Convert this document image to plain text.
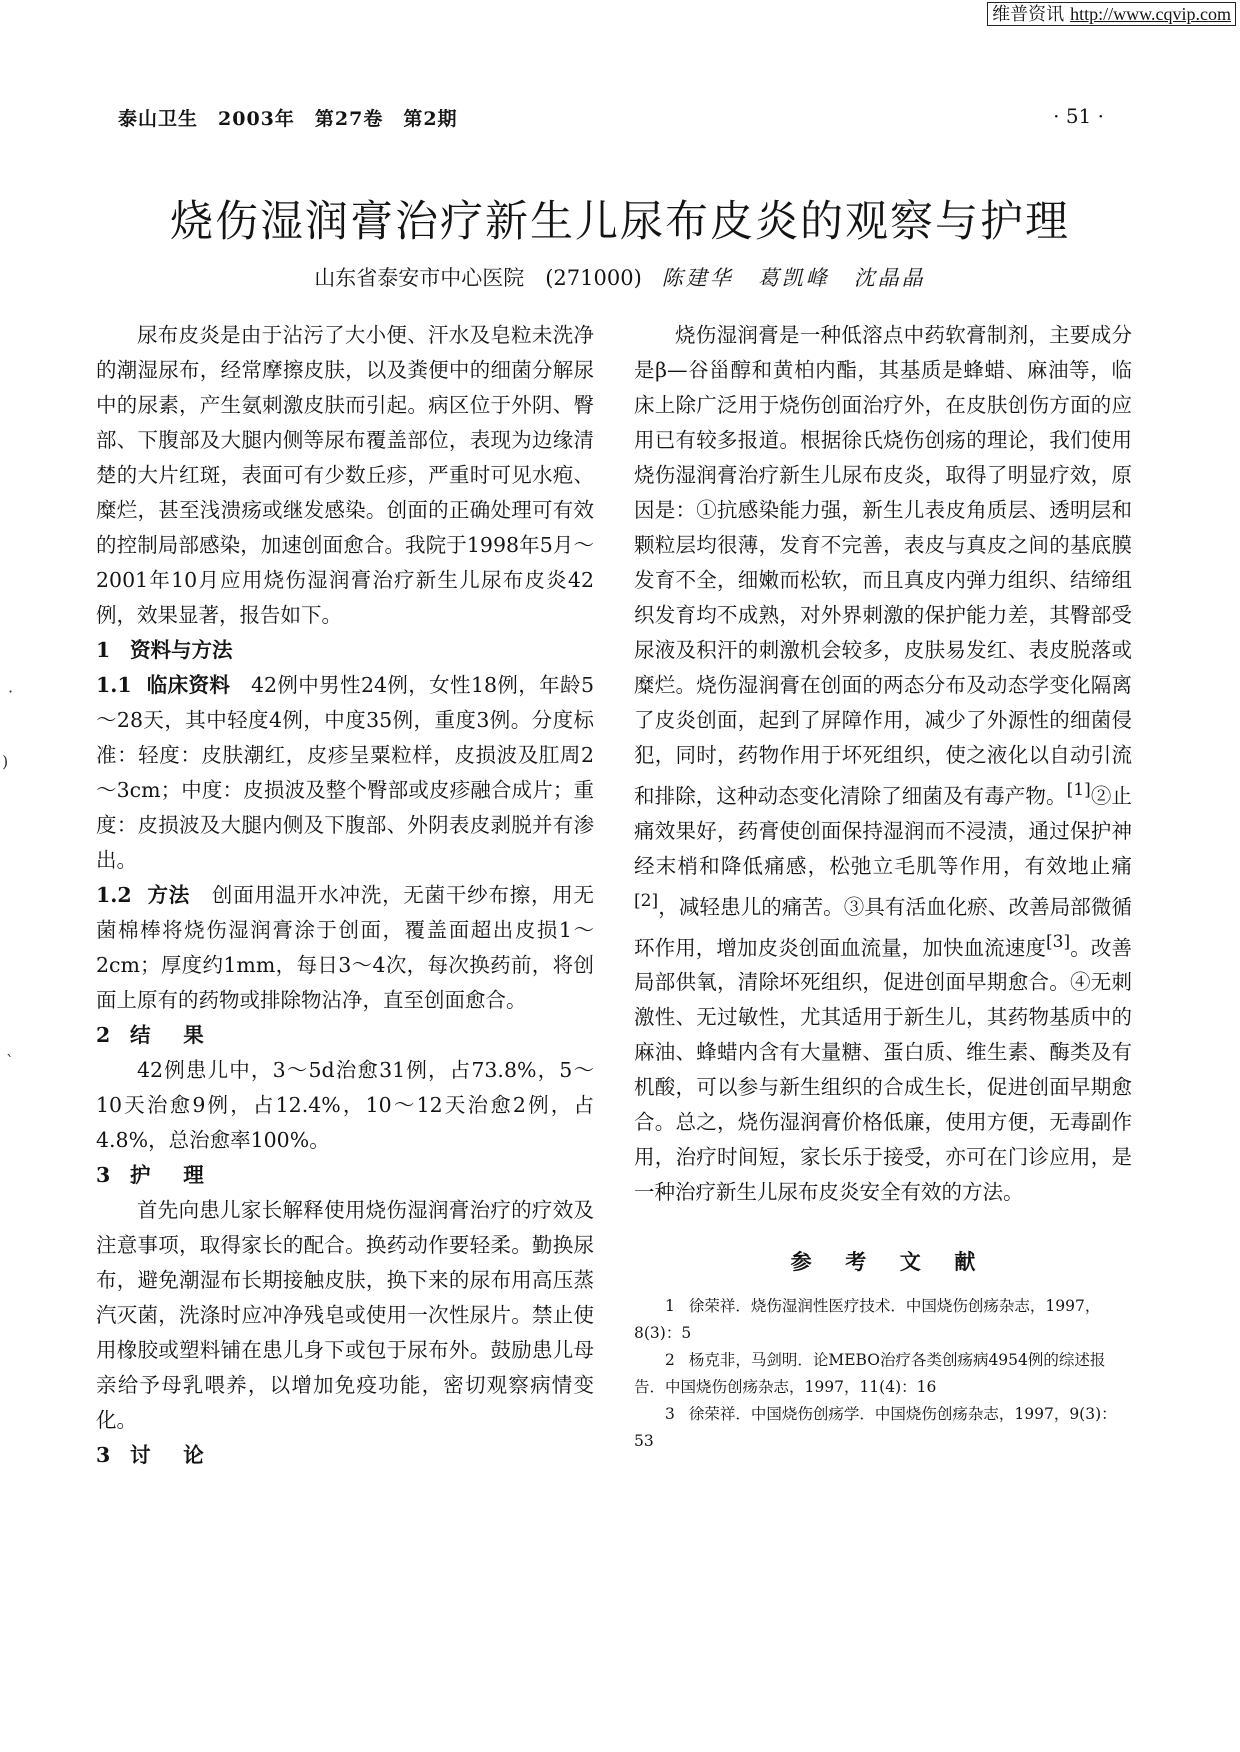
维普资讯 http://www.cqvip.com
泰山卫生　2003年　第27卷　第2期	· 51 ·
烧伤湿润膏治疗新生儿尿布皮炎的观察与护理
山东省泰安市中心医院　(271000) 陈建华　葛凯峰　沈晶晶
·
)
`

尿布皮炎是由于沾污了大小便、汗水及皂粒未洗净的潮湿尿布，经常摩擦皮肤，以及粪便中的细菌分解尿中的尿素，产生氨刺激皮肤而引起。病区位于外阴、臀部、下腹部及大腿内侧等尿布覆盖部位，表现为边缘清楚的大片红斑，表面可有少数丘疹，严重时可见水疱、糜烂，甚至浅溃疡或继发感染。创面的正确处理可有效的控制局部感染，加速创面愈合。我院于1998年5月～2001年10月应用烧伤湿润膏治疗新生儿尿布皮炎42例，效果显著，报告如下。

1 资料与方法

1.1 临床资料 42例中男性24例，女性18例，年龄5～28天，其中轻度4例，中度35例，重度3例。分度标准：轻度：皮肤潮红，皮疹呈粟粒样，皮损波及肛周2～3cm；中度：皮损波及整个臀部或皮疹融合成片；重度：皮损波及大腿内侧及下腹部、外阴表皮剥脱并有渗出。

1.2 方法 创面用温开水冲洗，无菌干纱布擦，用无菌棉棒将烧伤湿润膏涂于创面，覆盖面超出皮损1～2cm；厚度约1mm，每日3～4次，每次换药前，将创面上原有的药物或排除物沾净，直至创面愈合。

2 结果

42例患儿中，3～5d治愈31例，占73.8%，5～10天治愈9例，占12.4%，10～12天治愈2例，占4.8%，总治愈率100%。

3 护理

首先向患儿家长解释使用烧伤湿润膏治疗的疗效及注意事项，取得家长的配合。换药动作要轻柔。勤换尿布，避免潮湿布长期接触皮肤，换下来的尿布用高压蒸汽灭菌，洗涤时应冲净残皂或使用一次性尿片。禁止使用橡胶或塑料铺在患儿身下或包于尿布外。鼓励患儿母亲给予母乳喂养，以增加免疫功能，密切观察病情变化。

3 讨论

烧伤湿润膏是一种低溶点中药软膏制剂，主要成分是β—谷甾醇和黄柏内酯，其基质是蜂蜡、麻油等，临床上除广泛用于烧伤创面治疗外，在皮肤创伤方面的应用已有较多报道。根据徐氏烧伤创疡的理论，我们使用烧伤湿润膏治疗新生儿尿布皮炎，取得了明显疗效，原因是：①抗感染能力强，新生儿表皮角质层、透明层和颗粒层均很薄，发育不完善，表皮与真皮之间的基底膜发育不全，细嫩而松软，而且真皮内弹力组织、结缔组织发育均不成熟，对外界刺激的保护能力差，其臀部受尿液及积汗的刺激机会较多，皮肤易发红、表皮脱落或糜烂。烧伤湿润膏在创面的两态分布及动态学变化隔离了皮炎创面，起到了屏障作用，减少了外源性的细菌侵犯，同时，药物作用于坏死组织，使之液化以自动引流和排除，这种动态变化清除了细菌及有毒产物。[1]②止痛效果好，药膏使创面保持湿润而不浸渍，通过保护神经末梢和降低痛感，松弛立毛肌等作用，有效地止痛[2]，减轻患儿的痛苦。③具有活血化瘀、改善局部微循环作用，增加皮炎创面血流量，加快血流速度[3]。改善局部供氧，清除坏死组织，促进创面早期愈合。④无刺激性、无过敏性，尤其适用于新生儿，其药物基质中的麻油、蜂蜡内含有大量糖、蛋白质、维生素、酶类及有机酸，可以参与新生组织的合成生长，促进创面早期愈合。总之，烧伤湿润膏价格低廉，使用方便，无毒副作用，治疗时间短，家长乐于接受，亦可在门诊应用，是一种治疗新生儿尿布皮炎安全有效的方法。

参考文献

1 徐荣祥．烧伤湿润性医疗技术．中国烧伤创疡杂志，1997，8(3)：5

2 杨克非，马剑明．论MEBO治疗各类创疡病4954例的综述报告．中国烧伤创疡杂志，1997，11(4)：16

3 徐荣祥．中国烧伤创疡学．中国烧伤创疡杂志，1997，9(3)：53
